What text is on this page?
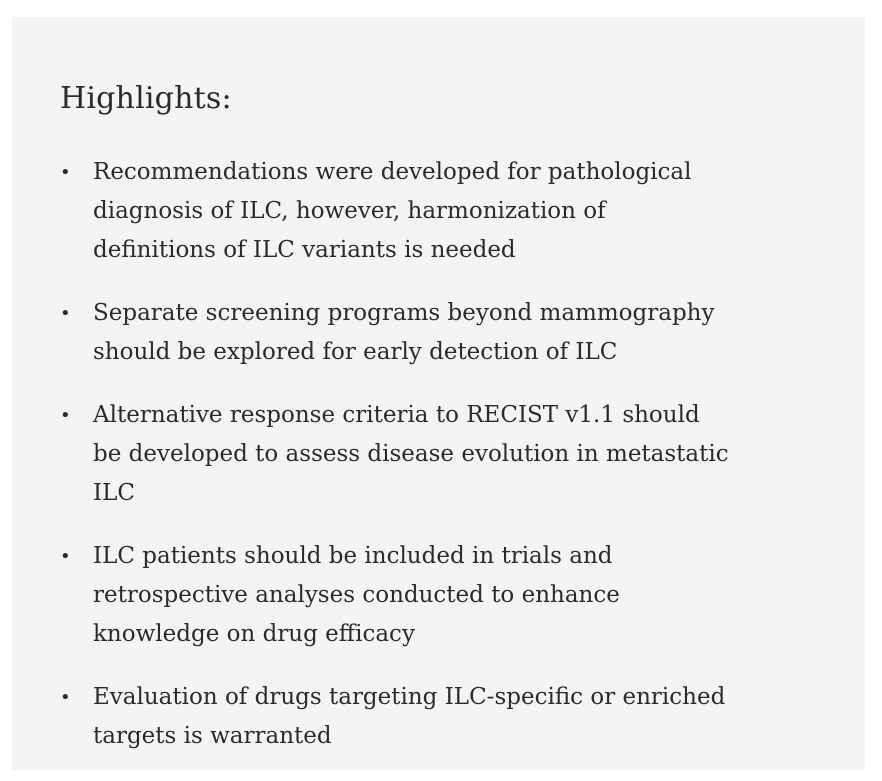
Highlights:
• Recommendations were developed for pathological diagnosis of ILC, however, harmonization of definitions of ILC variants is needed
• Separate screening programs beyond mammography should be explored for early detection of ILC
• Alternative response criteria to RECIST v1.1 should be developed to assess disease evolution in metastatic ILC
• ILC patients should be included in trials and retrospective analyses conducted to enhance knowledge on drug efficacy
• Evaluation of drugs targeting ILC-specific or enriched targets is warranted
